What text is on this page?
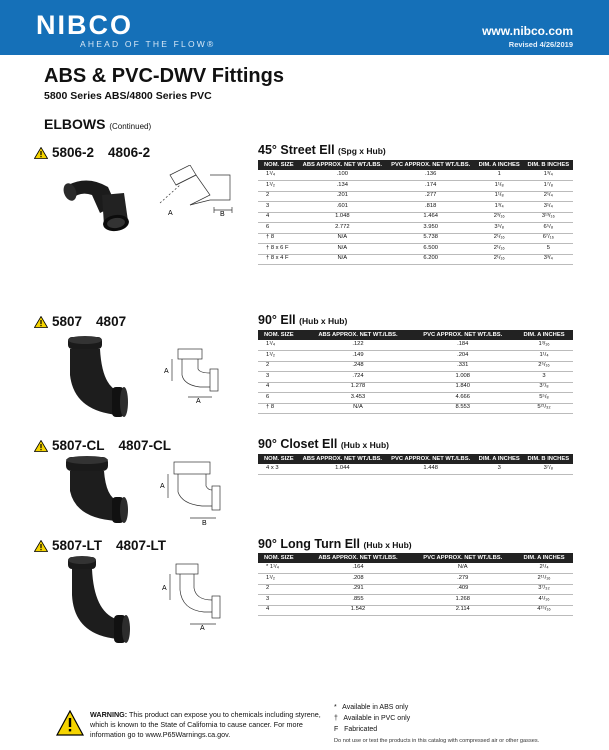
NIBCO
AHEAD OF THE FLOW®
www.nibco.com
Revised 4/26/2019
ABS & PVC-DWV Fittings
5800 Series ABS/4800 Series PVC
ELBOWS (Continued)
5806-2 4806-2
5807 4807
5807-CL 4807-CL
5807-LT 4807-LT
A	B
A
A
A
B
A
A
45° Street Ell (Spg x Hub)
90° Ell (Hub x Hub)
90° Closet Ell (Hub x Hub)
90° Long Turn Ell (Hub x Hub)
NOM. SIZE	ABS APPROX. NET WT./LBS.	PVC APPROX. NET WT./LBS.	DIM. A INCHES	DIM. B INCHES
1¹/₄	.100	.136	1	1³/₄
1¹/₂	.134	.174	1¹/₈	1⁷/₈
2	.201	.277	1¹/₈	2¹/₄
3	.601	.818	1³/₄	3¹/₄
4	1.048	1.464	2³/₁₆	3¹³/₁₆
6	2.772	3.950	3⁵/₈	6⁵/₈
† 8	N/A	5.738	2¹/₁₆	6⁷/₁₆
† 8 x 6 F	N/A	6.500	2¹/₁₆	5
† 8 x 4 F	N/A	6.200	2¹/₁₆	3³/₄
NOM. SIZE	ABS APPROX. NET WT./LBS.	PVC APPROX. NET WT./LBS.	DIM. A INCHES
1¹/₄	.122	.184	1³/₁₆
1¹/₂	.149	.204	1¹/₄
2	.248	.331	2⁵/₁₆
3	.724	1.008	3
4	1.278	1.840	3⁷/₈
6	3.453	4.666	5⁵/₈
† 8	N/A	8.553	5²¹/₃₂
NOM. SIZE	ABS APPROX. NET WT./LBS.	PVC APPROX. NET WT./LBS.	DIM. A INCHES	DIM. B INCHES
4 x 3	1.044	1.448	3	3⁷/₈
NOM. SIZE	ABS APPROX. NET WT./LBS.	PVC APPROX. NET WT./LBS.	DIM. A INCHES
* 1¹/₄	.164	N/A	2¹/₄
1¹/₂	.208	.279	2¹¹/₁₆
2	.291	.409	3⁷/₃₂
3	.855	1.268	4¹/₁₆
4	1.542	2.114	4¹⁵/₁₆
WARNING: This product can expose you to chemicals including styrene, which is known to the State of California to cause cancer. For more information go to www.P65Warnings.ca.gov.
*   Available in ABS only
†   Available in PVC only
F   Fabricated
Do not use or test the products in this catalog with compressed air or other gasses.
